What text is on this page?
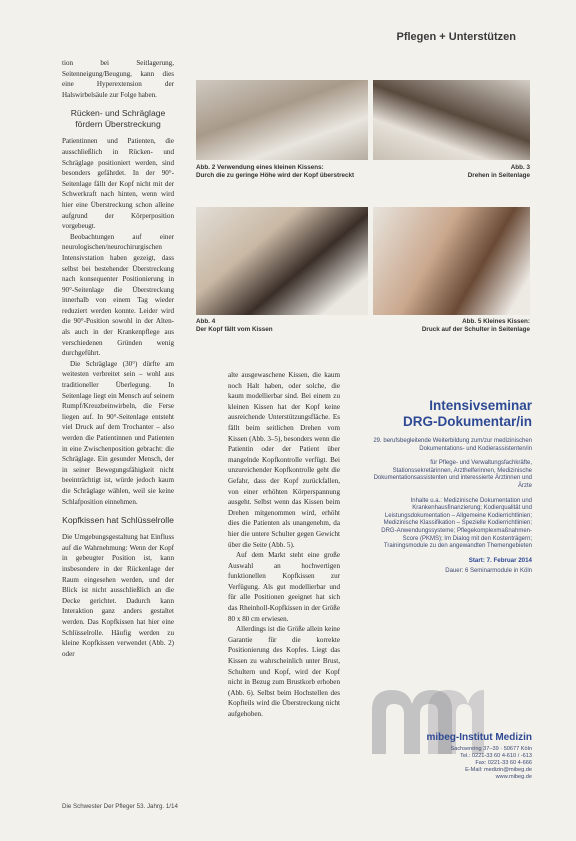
Pflegen + Unterstützen

tion bei Seitlagerung, Seitenneigung/Beugung, kann dies eine Hyperextension der Halswirbelsäule zur Folge haben.

Rücken- und Schräglage fördern Überstreckung

Patientinnen und Patienten, die ausschließlich in Rücken- und Schräglage positioniert werden, sind besonders gefährdet. In der 90°-Seitenlage fällt der Kopf nicht mit der Schwerkraft nach hinten, wenn wird hier eine Überstreckung schon alleine aufgrund der Körperposition vorgebeugt.

Beobachtungen auf einer neurologischen/neurochirurgischen Intensivstation haben gezeigt, dass selbst bei bestehender Überstreckung nach konsequenter Positionierung in 90°-Seitenlage die Überstreckung innerhalb von einem Tag wieder reduziert werden konnte. Leider wird die 90°-Position sowohl in der Alten- als auch in der Krankenpflege aus verschiedenen Gründen wenig durchgeführt.

Die Schräglage (30°) dürfte am weitesten verbreitet sein – wohl aus traditioneller Überlegung. In Seitenlage liegt ein Mensch auf seinem Rumpf/Kreuzbeinwirbeln, die Ferse liegen auf. In 90°-Seitenlage entsteht viel Druck auf dem Trochanter – also werden die Patientinnen und Patienten in eine Zwischenposition gebracht: die Schräglage. Ein gesunder Mensch, der in seiner Bewegungsfähigkeit nicht beeinträchtigt ist, würde jedoch kaum die Schräglage wählen, weil sie keine Schlafposition einnehmen.

Kopfkissen hat Schlüsselrolle

Die Umgebungsgestaltung hat Einfluss auf die Wahrnehmung: Wenn der Kopf in gebeugter Position ist, kann insbesondere in der Rückenlage der Raum eingesehen werden, und der Blick ist nicht ausschließlich an die Decke gerichtet. Dadurch kann Interaktion ganz anders gestaltet werden. Das Kopfkissen hat hier eine Schlüsselrolle. Häufig werden zu kleine Kopfkissen verwendet (Abb. 2) oder

Abb. 2 Verwendung eines kleinen Kissens:
Durch die zu geringe Höhe wird der Kopf überstreckt
Abb. 3
Drehen in Seitenlage
Abb. 4
Der Kopf fällt vom Kissen
Abb. 5 Kleines Kissen:
Druck auf der Schulter in Seitenlage

alte ausgewaschene Kissen, die kaum noch Halt haben, oder solche, die kaum modellierbar sind. Bei einem zu kleinen Kissen hat der Kopf keine ausreichende Unterstützungsfläche. Es fällt beim seitlichen Drehen vom Kissen (Abb. 3–5), besonders wenn die Patientin oder der Patient über mangelnde Kopfkontrolle verfügt. Bei unzureichender Kopfkontrolle geht die Gefahr, dass der Kopf zurückfallen, von einer erhöhten Körperspannung ausgeht. Selbst wenn das Kissen beim Drehen mitgenommen wird, erhöht dies die Patienten als unangenehm, da hier die untere Schulter gegen Gewicht über die Seite (Abb. 5).

Auf dem Markt steht eine große Auswahl an hochwertigen funktionellen Kopfkissen zur Verfügung. Als gut modellierbar und für alle Positionen geeignet hat sich das Rheinholl-Kopfkissen in der Größe 80 x 80 cm erwiesen.

Allerdings ist die Größe allein keine Garantie für die korrekte Positionierung des Kopfes. Liegt das Kissen zu wahrscheinlich unter Brust, Schultern und Kopf, wird der Kopf nicht in Bezug zum Brustkorb erhoben (Abb. 6). Selbst beim Hochstellen des Kopfteils wird die Überstreckung nicht aufgehoben.

Intensivseminar
DRG-Dokumentar/in
29. berufsbegleitende Weiterbildung zum/zur medizinischen Dokumentations- und Kodierassistenten/in
für Pflege- und Verwaltungsfachkräfte, Stationssekretärinnen, Arzthelferinnen, Medizinische Dokumentationsassistenten und interessierte Ärztinnen und Ärzte
Inhalte u.a.: Medizinische Dokumentation und Krankenhausfinanzierung; Kodierqualität und Leistungsdokumentation – Allgemeine Kodierrichtlinien; Medizinische Klassifikation – Spezielle Kodierrichtlinien; DRG-Anwendungssysteme; Pflegekomplexmaßnahmen-Score (PKMS); Im Dialog mit den Kostenträgern; Trainingsmodule zu den angewandten Themengebieten
Start: 7. Februar 2014
Dauer: 6 Seminarmodule in Köln
mibeg-Institut Medizin
Sachsenring 37–39 · 50677 Köln
Tel.: 0221-33 60 4-610 / -613
Fax: 0221-33 60 4-666
E-Mail: medizin@mibeg.de
www.mibeg.de
Die Schwester Der Pfleger 53. Jahrg. 1/14
